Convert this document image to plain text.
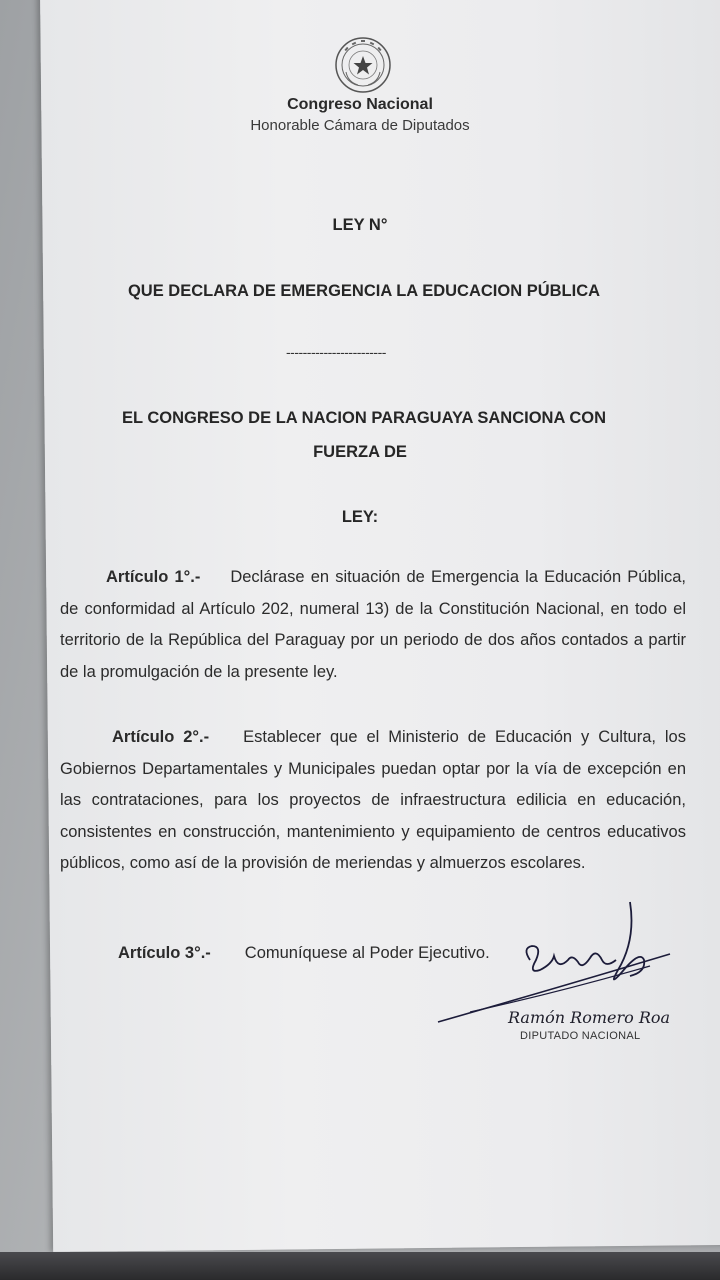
Congreso Nacional
Honorable Cámara de Diputados
LEY N°
QUE DECLARA DE EMERGENCIA LA EDUCACION PÚBLICA
------------------------
EL CONGRESO DE LA NACION PARAGUAYA SANCIONA CON
FUERZA DE
LEY:
Artículo 1°.- Declárase en situación de Emergencia la Educación Pública, de conformidad al Artículo 202, numeral 13) de la Constitución Nacional, en todo el territorio de la República del Paraguay por un periodo de dos años contados a partir de la promulgación de la presente ley.
Artículo 2°.- Establecer que el Ministerio de Educación y Cultura, los Gobiernos Departamentales y Municipales puedan optar por la vía de excepción en las contrataciones, para los proyectos de infraestructura edilicia en educación, consistentes en construcción, mantenimiento y equipamiento de centros educativos públicos, como así de la provisión de meriendas y almuerzos escolares.
Artículo 3°.- Comuníquese al Poder Ejecutivo.
Ramón Romero Roa
DIPUTADO NACIONAL
